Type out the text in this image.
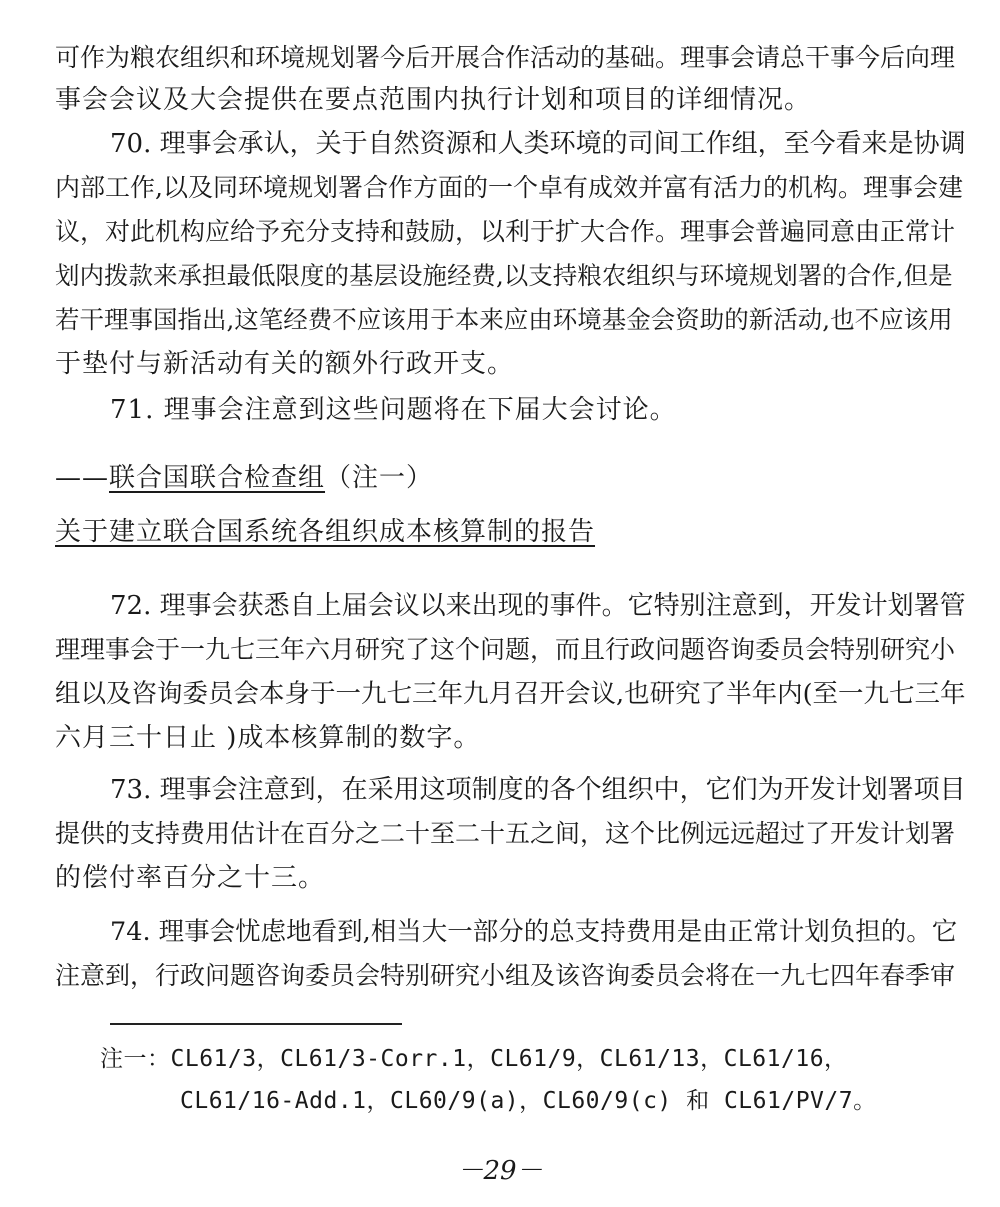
可作为粮农组织和环境规划署今后开展合作活动的基础。理事会请总干事今后向理
事会会议及大会提供在要点范围内执行计划和项目的详细情况。
70. 理事会承认，关于自然资源和人类环境的司间工作组，至今看来是协调
内部工作,以及同环境规划署合作方面的一个卓有成效并富有活力的机构。理事会建
议，对此机构应给予充分支持和鼓励，以利于扩大合作。理事会普遍同意由正常计
划内拨款来承担最低限度的基层设施经费,以支持粮农组织与环境规划署的合作,但是
若干理事国指出,这笔经费不应该用于本来应由环境基金会资助的新活动,也不应该用
于垫付与新活动有关的额外行政开支。
71. 理事会注意到这些问题将在下届大会讨论。
——联合国联合检查组（注一）
关于建立联合国系统各组织成本核算制的报告
72. 理事会获悉自上届会议以来出现的事件。它特别注意到，开发计划署管
理理事会于一九七三年六月研究了这个问题，而且行政问题咨询委员会特别研究小
组以及咨询委员会本身于一九七三年九月召开会议,也研究了半年内(至一九七三年
六月三十日止 )成本核算制的数字。
73. 理事会注意到，在采用这项制度的各个组织中，它们为开发计划署项目
提供的支持费用估计在百分之二十至二十五之间，这个比例远远超过了开发计划署
的偿付率百分之十三。
74. 理事会忧虑地看到,相当大一部分的总支持费用是由正常计划负担的。它
注意到，行政问题咨询委员会特别研究小组及该咨询委员会将在一九七四年春季审
注一：CL61/3，CL61/3-Corr.1，CL61/9，CL61/13，CL61/16，
CL61/16-Add.1，CL60/9(a)，CL60/9(c) 和 CL61/PV/7。
－29－
